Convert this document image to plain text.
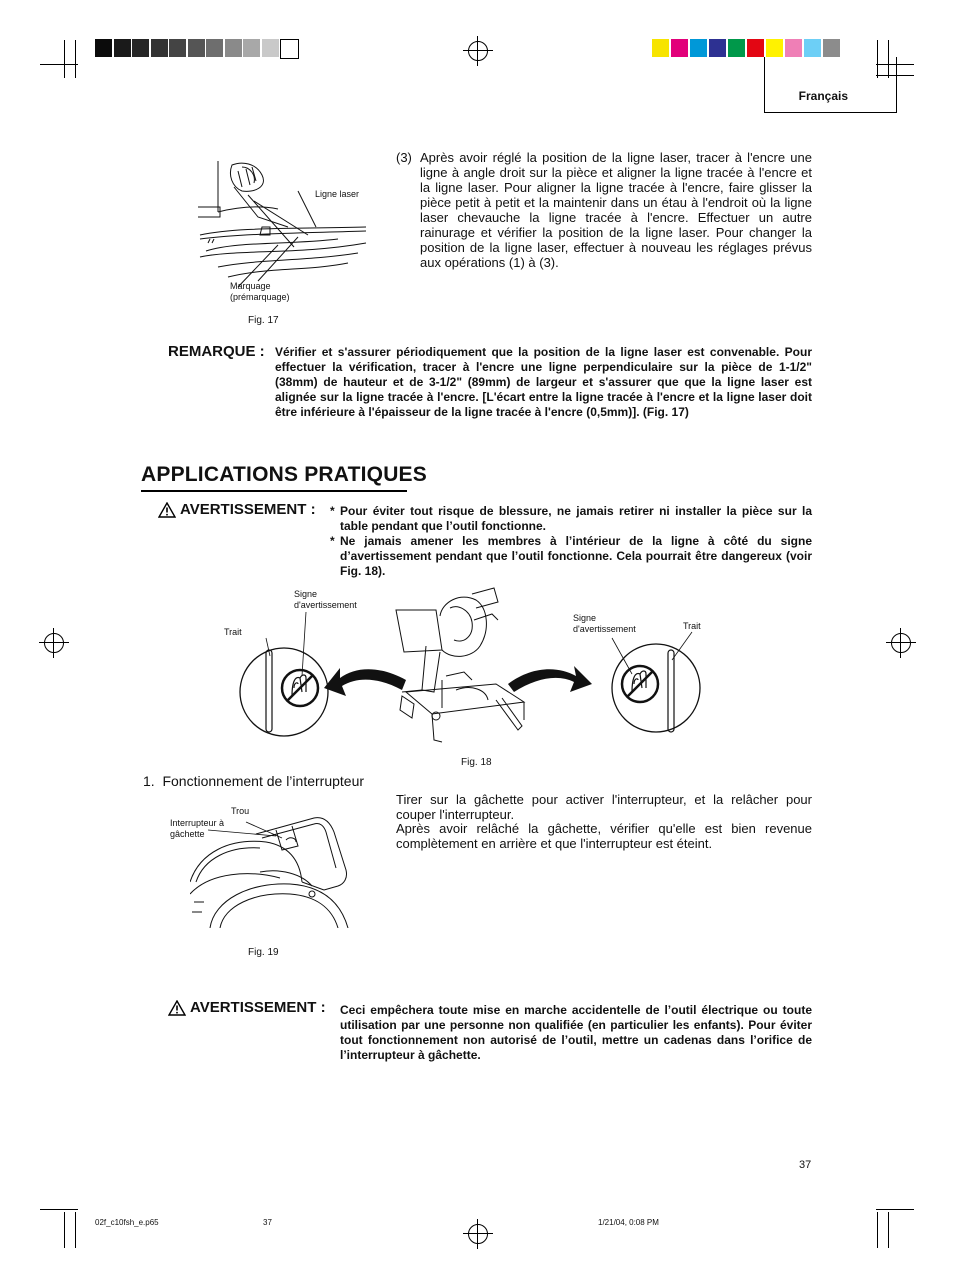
Français
Ligne laser
Marquage
(prémarquage)
Fig. 17
(3) Après avoir réglé la position de la ligne laser, tracer à l'encre une ligne à angle droit sur la pièce et aligner la ligne tracée à l'encre et la ligne laser. Pour aligner la ligne tracée à l'encre, faire glisser la pièce petit à petit et la maintenir dans un étau à l'endroit où la ligne laser chevauche la ligne tracée à l'encre. Effectuer un autre rainurage et vérifier la position de la ligne laser. Pour changer la position de la ligne laser, effectuer à nouveau les réglages prévus aux opérations (1) à (3).
REMARQUE : Vérifier et s'assurer périodiquement que la position de la ligne laser est convenable. Pour effectuer la vérification, tracer à l'encre une ligne perpendiculaire sur la pièce de 1-1/2" (38mm) de hauteur et de 3-1/2" (89mm) de largeur et s'assurer que que la ligne laser est alignée sur la ligne tracée à l'encre. [L'écart entre la ligne tracée à l'encre et la ligne laser doit être inférieure à l'épaisseur de la ligne tracée à l'encre (0,5mm)]. (Fig. 17)
APPLICATIONS PRATIQUES
AVERTISSEMENT : * Pour éviter tout risque de blessure, ne jamais retirer ni installer la pièce sur la table pendant que l’outil fonctionne.
* Ne jamais amener les membres à l’intérieur de la ligne à côté du signe d’avertissement pendant que l’outil fonctionne. Cela pourrait être dangereux (voir Fig. 18).
Signe
d'avertissement
Trait
Signe
d'avertissement	Trait
Fig. 18
1.  Fonctionnement de l’interrupteur
Tirer sur la gâchette pour activer l'interrupteur, et la relâcher pour couper l'interrupteur.
Après avoir relâché la gâchette, vérifier qu'elle est bien revenue complètement en arrière et que l'interrupteur est éteint.
Trou
Interrupteur à
gâchette
Fig. 19
AVERTISSEMENT : Ceci empêchera toute mise en marche accidentelle de l’outil électrique ou toute utilisation par une personne non qualifiée (en particulier les enfants). Pour éviter tout fonctionnement non autorisé de l’outil, mettre un cadenas dans l’orifice de l’interrupteur à gâchette.
37
02f_c10fsh_e.p65	37	1/21/04, 0:08 PM
